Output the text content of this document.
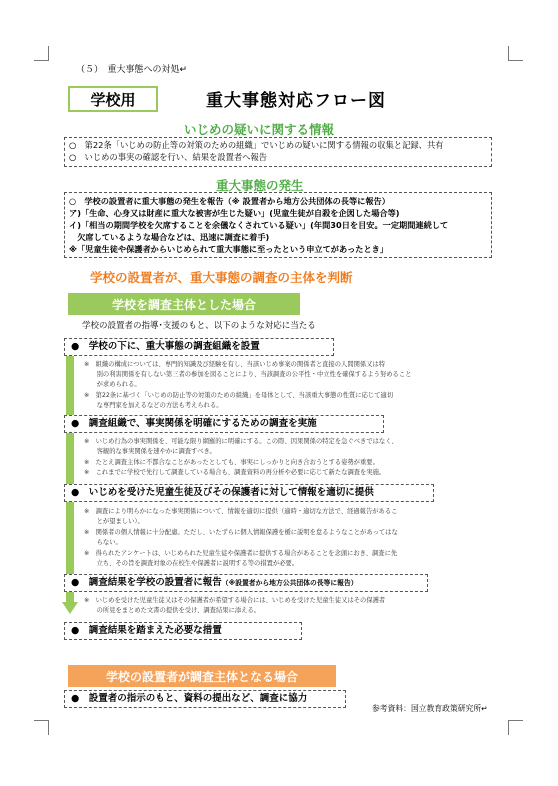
（５）　重大事態への対処↵
学校用	重大事態対応フロー図
いじめの疑いに関する情報
○　第22条「いじめの防止等の対策のための組織」でいじめの疑いに関する情報の収集と記録、共有
○　いじめの事実の確認を行い、結果を設置者へ報告
重大事態の発生
○　学校の設置者に重大事態の発生を報告（※ 設置者から地方公共団体の長等に報告）
ア)「生命、心身又は財産に重大な被害が生じた疑い」(児童生徒が自殺を企図した場合等)
イ)「相当の期間学校を欠席することを余儀なくされている疑い」(年間30日を目安。一定期間連続して
　欠席しているような場合などは、迅速に調査に着手)
※「児童生徒や保護者からいじめられて重大事態に至ったという申立てがあったとき」
学校の設置者が、重大事態の調査の主体を判断
学校を調査主体とした場合
学校の設置者の指導･支援のもと、以下のような対応に当たる
●　学校の下に、重大事態の調査組織を設置
※　組織の構成については、専門的知識及び経験を有し、当該いじめ事案の関係者と直接の人間関係又は特
　　別の利害関係を有しない第三者の参加を図ることにより、当該調査の公平性・中立性を確保するよう努めること
　　が求められる。
※　第22条に基づく「いじめの防止等の対策のための組織」を母体として、当該重大事態の性質に応じて適切
　　な専門家を加えるなどの方法も考えられる。
●　調査組織で、事実関係を明確にするための調査を実施
※　いじめ行為の事実関係を、可能な限り網羅的に明確にする。この際、因果関係の特定を急ぐべきではなく、
　　客観的な事実関係を速やかに調査すべき。
※　たとえ調査主体に不都合なことがあったとしても、事実にしっかりと向き合おうとする姿勢が重要。
※　これまでに学校で先行して調査している場合も、調査資料の再分析や必要に応じて新たな調査を実施。
●　いじめを受けた児童生徒及びその保護者に対して情報を適切に提供
※　調査により明らかになった事実関係について、情報を適切に提供（適時・適切な方法で、経過報告があるこ
　　とが望ましい）。
※　関係者の個人情報に十分配慮。ただし、いたずらに個人情報保護を楯に説明を怠るようなことがあってはな
　　らない。
※　得られたアンケートは、いじめられた児童生徒や保護者に提供する場合があることを念頭におき、調査に先
　　立ち、その旨を調査対象の在校生や保護者に説明する等の措置が必要。
●　調査結果を学校の設置者に報告（※設置者から地方公共団体の長等に報告）
※　いじめを受けた児童生徒又はその保護者が希望する場合には、いじめを受けた児童生徒又はその保護者
　　の所見をまとめた文書の提供を受け、調査結果に添える。
●　調査結果を踏まえた必要な措置
学校の設置者が調査主体となる場合
●　設置者の指示のもと、資料の提出など、調査に協力
参考資料：国立教育政策研究所↵
